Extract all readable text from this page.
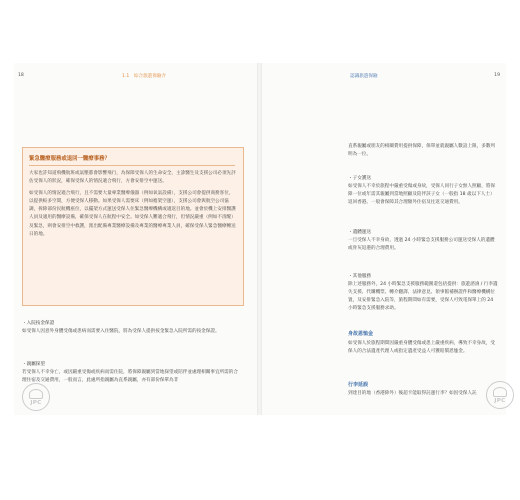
18	1.1　綜合旅遊保險介
緊急醫療服務或退回一醫療事務？

大家也許知道飛機航班或氣壓都會影響飛行，為保障受保人的生命安全，主診醫生及支援公司必須先評估受保人的狀況，確保受保人的情況適合飛行，方會安排空中運送。

如受保人的情況適合飛行，且不需要大量專業醫療儀器（例如氧氣設備），支援公司會提供商務客位，以提供較多空間，方便受保人移動。如果受保人需要床（例如擔架空運），支援公司會與航空公司協調，拆除部份民航機座位，以擺架方式運送受保人住緊急醫療機構或適返目的地。並會於機上安排醫護人員及適用的醫療設備，確保受保人在航程中安全。如受保人難適合飛行，但情況嚴重（例如不清醒）及緊急，則會安排空中救護，派出配備專業醫療設備及專業的醫療專業人員，確保受保人緊急醫療轉送日的地。

・入院按金保證

如受保人因意外身體受傷或患病而需要入住醫院，將為受保人提供按金緊急入院所需的按金保證。

・親屬探望

若受保人不幸身亡，或因嚴重受傷或疾病而需住院，將保障親屬到當地探望或陪伴並處理相關事宜所需的合理住宿及交通費用，一般而言，此處所指親屬為直系親屬，亦有部份保單為非

JPC
認識旅遊保險	19

直系親屬或朋友的相關費用提供保障，保單並就親屬人數設上限，多數列明為一位。

・子女護送

如受保人不幸於旅程中嚴重受傷或身故，受保人同行子女無人照顧，將保障一位或年需其親屬到當地照顧及陪伴該子女（一般指 18 歲以下人士）返回香港。一般會保障其合理額外住宿及往返交通費用。

・遺體運送

一旦受保人不幸身故，透過 24 小時緊急支援服務公司運送受保人的遺體或骨灰返港的合理費用。

・其他服務

除上述服務外，24 小時緊急支援服務範圍還包括提供：旅遊諮詢 / 行李遺失支援、代購機票、轉介翻譯、法律意見、領事館補辦證件和醫療機構位置，及安排緊急入院等，旅程期間如有需要，受保人可致電保單上的 24 小時緊急支援服務求助。

身故恩恤金

如受保人於旅程期間因嚴重身體受傷或患上嚴重疾病，導致不幸身故，受保人的合法遺產代理人或指定遺產受益人可獲賠償恩恤金。

行李延誤

到達目的地（香港除外）後超卡能取得託運行李？如因受保人託

JPC
